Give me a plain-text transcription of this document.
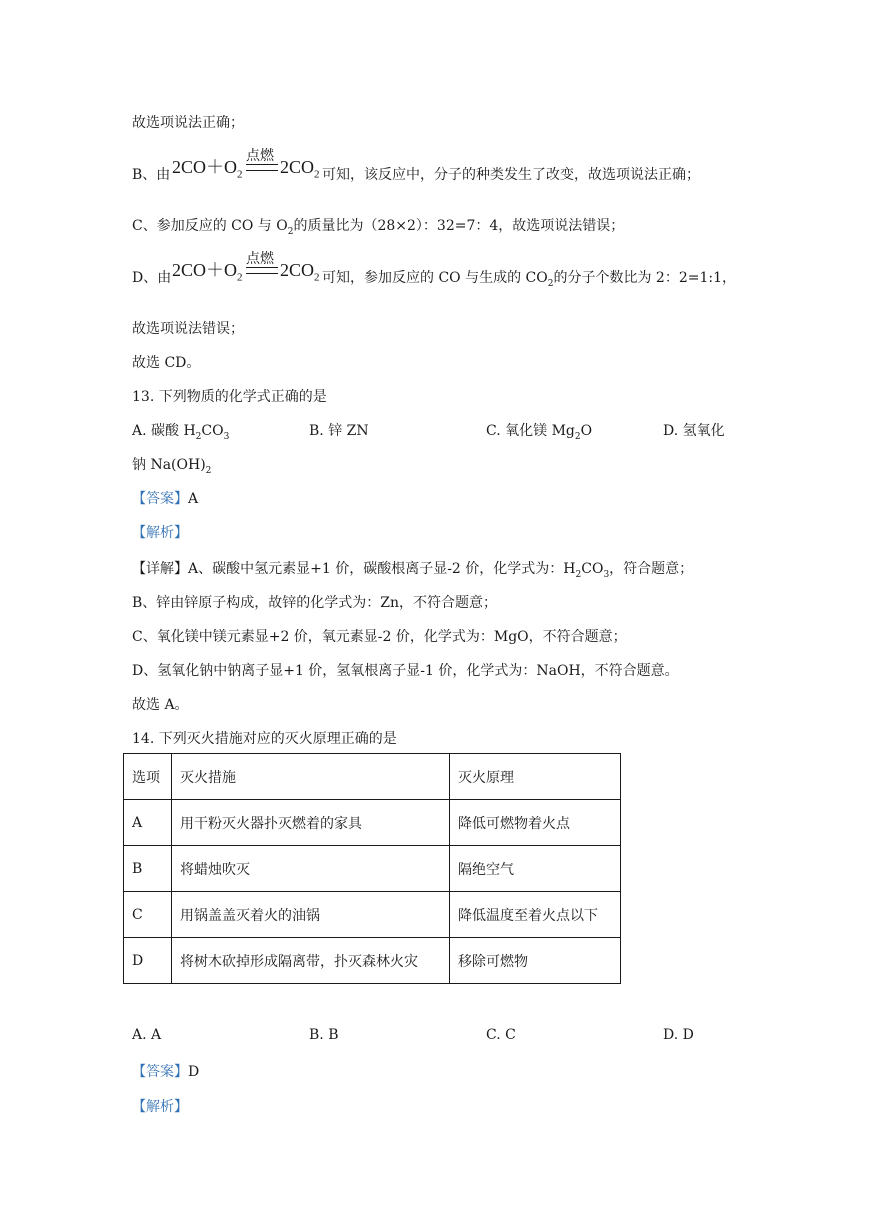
故选项说法正确；
B、由 $2CO+O_2$
点燃
$2CO_2$ 可知，该反应中，分子的种类发生了改变，故选项说法正确；
C、参加反应的 CO 与 $O_2$的质量比为（28×2）：32=7：4，故选项说法错误；
D、由 $2CO+O_2$
点燃
$2CO_2$ 可知，参加反应的 CO 与生成的 $CO_2$的分子个数比为 2：2=1:1，
故选项说法错误；
故选 CD。
13. 下列物质的化学式正确的是
A. 碳酸 $H_2CO_3$	B. 锌 ZN	C. 氧化镁 $Mg_2O$	D. 氢氧化
钠 $Na(OH)_2$
【答案】A
【解析】
【详解】A、碳酸中氢元素显+1 价，碳酸根离子显-2 价，化学式为：$H_2CO_3$，符合题意；
B、锌由锌原子构成，故锌的化学式为：Zn，不符合题意；
C、氧化镁中镁元素显+2 价，氧元素显-2 价，化学式为：MgO，不符合题意；
D、氢氧化钠中钠离子显+1 价，氢氧根离子显-1 价，化学式为：NaOH，不符合题意。
故选 A。
14. 下列灭火措施对应的灭火原理正确的是
选项	灭火措施	灭火原理
A	用干粉灭火器扑灭燃着的家具	降低可燃物着火点
B	将蜡烛吹灭	隔绝空气
C	用锅盖盖灭着火的油锅	降低温度至着火点以下
D	将树木砍掉形成隔离带，扑灭森林火灾	移除可燃物
A. A	B. B	C. C	D. D
【答案】D
【解析】
